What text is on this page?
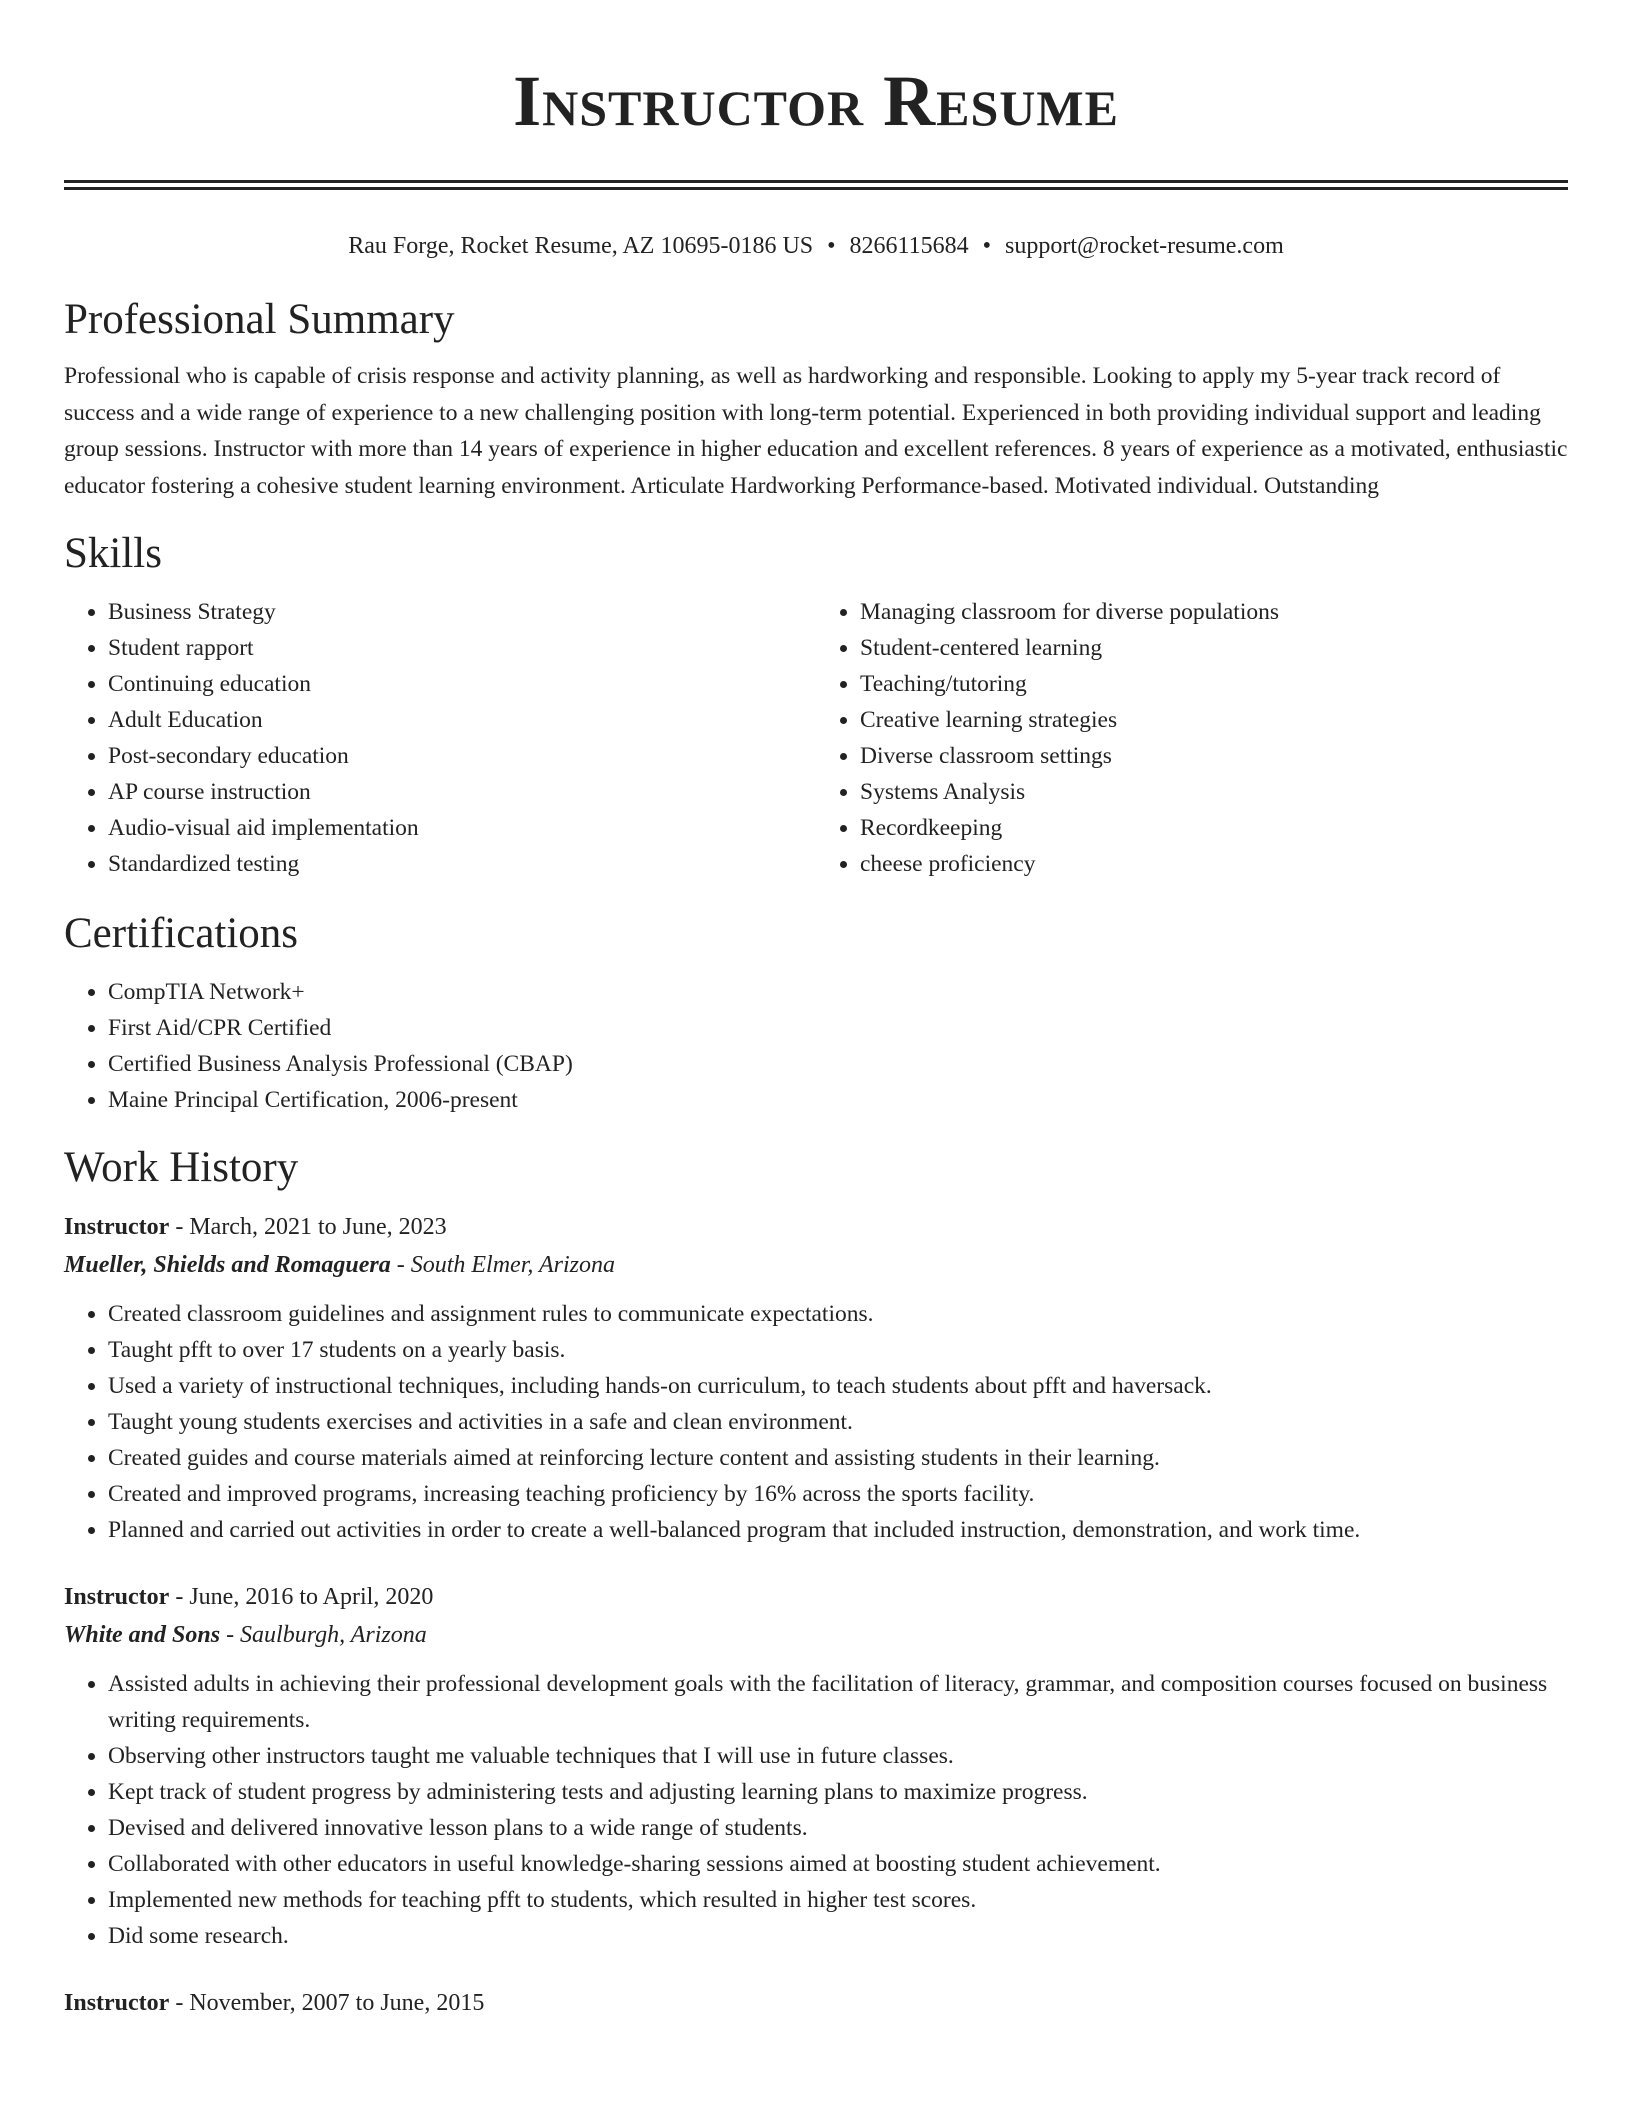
Instructor Resume
Rau Forge, Rocket Resume, AZ 10695-0186 US • 8266115684 • support@rocket-resume.com
Professional Summary

Professional who is capable of crisis response and activity planning, as well as hardworking and responsible. Looking to apply my 5-year track record of success and a wide range of experience to a new challenging position with long-term potential. Experienced in both providing individual support and leading group sessions. Instructor with more than 14 years of experience in higher education and excellent references. 8 years of experience as a motivated, enthusiastic educator fostering a cohesive student learning environment. Articulate Hardworking Performance-based. Motivated individual. Outstanding

Skills
• Business Strategy
• Student rapport
• Continuing education
• Adult Education
• Post-secondary education
• AP course instruction
• Audio-visual aid implementation
• Standardized testing
• Managing classroom for diverse populations
• Student-centered learning
• Teaching/tutoring
• Creative learning strategies
• Diverse classroom settings
• Systems Analysis
• Recordkeeping
• cheese proficiency
Certifications
• CompTIA Network+
• First Aid/CPR Certified
• Certified Business Analysis Professional (CBAP)
• Maine Principal Certification, 2006-present
Work History
Instructor - March, 2021 to June, 2023
Mueller, Shields and Romaguera - South Elmer, Arizona
• Created classroom guidelines and assignment rules to communicate expectations.
• Taught pfft to over 17 students on a yearly basis.
• Used a variety of instructional techniques, including hands-on curriculum, to teach students about pfft and haversack.
• Taught young students exercises and activities in a safe and clean environment.
• Created guides and course materials aimed at reinforcing lecture content and assisting students in their learning.
• Created and improved programs, increasing teaching proficiency by 16% across the sports facility.
• Planned and carried out activities in order to create a well-balanced program that included instruction, demonstration, and work time.
Instructor - June, 2016 to April, 2020
White and Sons - Saulburgh, Arizona
• Assisted adults in achieving their professional development goals with the facilitation of literacy, grammar, and composition courses focused on business writing requirements.
• Observing other instructors taught me valuable techniques that I will use in future classes.
• Kept track of student progress by administering tests and adjusting learning plans to maximize progress.
• Devised and delivered innovative lesson plans to a wide range of students.
• Collaborated with other educators in useful knowledge-sharing sessions aimed at boosting student achievement.
• Implemented new methods for teaching pfft to students, which resulted in higher test scores.
• Did some research.
Instructor - November, 2007 to June, 2015
